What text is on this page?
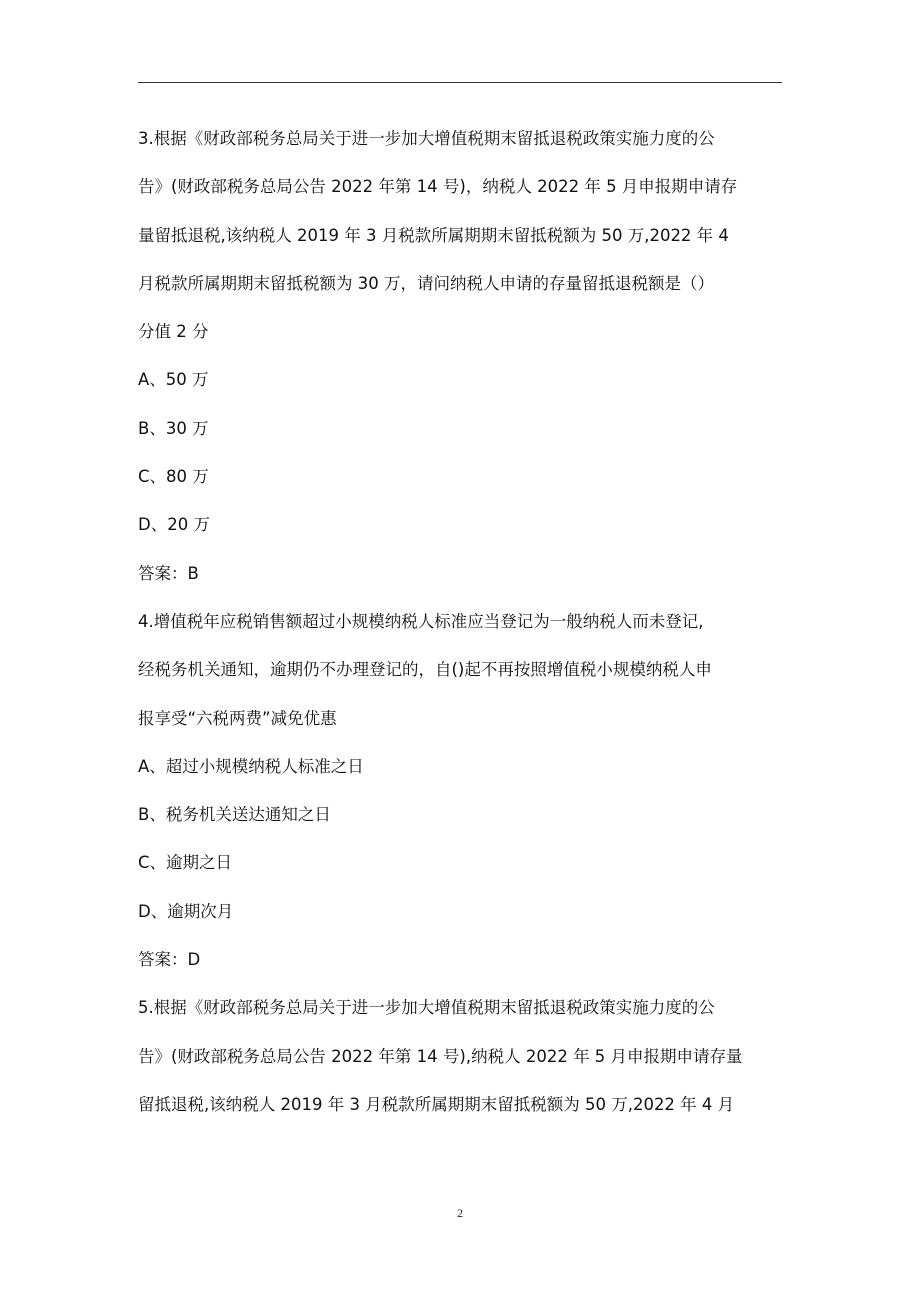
3.根据《财政部税务总局关于进一步加大增值税期末留抵退税政策实施力度的公
告》(财政部税务总局公告 2022 年第 14 号)，纳税人 2022 年 5 月申报期申请存
量留抵退税,该纳税人 2019 年 3 月税款所属期期末留抵税额为 50 万,2022 年 4
月税款所属期期末留抵税额为 30 万，请问纳税人申请的存量留抵退税额是（）
分值 2 分
A、50 万
B、30 万
C、80 万
D、20 万
答案：B
4.增值税年应税销售额超过小规模纳税人标准应当登记为一般纳税人而未登记,
经税务机关通知，逾期仍不办理登记的，自()起不再按照增值税小规模纳税人申
报享受“六税两费”减免优惠
A、超过小规模纳税人标准之日
B、税务机关送达通知之日
C、逾期之日
D、逾期次月
答案：D
5.根据《财政部税务总局关于进一步加大增值税期末留抵退税政策实施力度的公
告》(财政部税务总局公告 2022 年第 14 号),纳税人 2022 年 5 月申报期申请存量
留抵退税,该纳税人 2019 年 3 月税款所属期期末留抵税额为 50 万,2022 年 4 月
2
